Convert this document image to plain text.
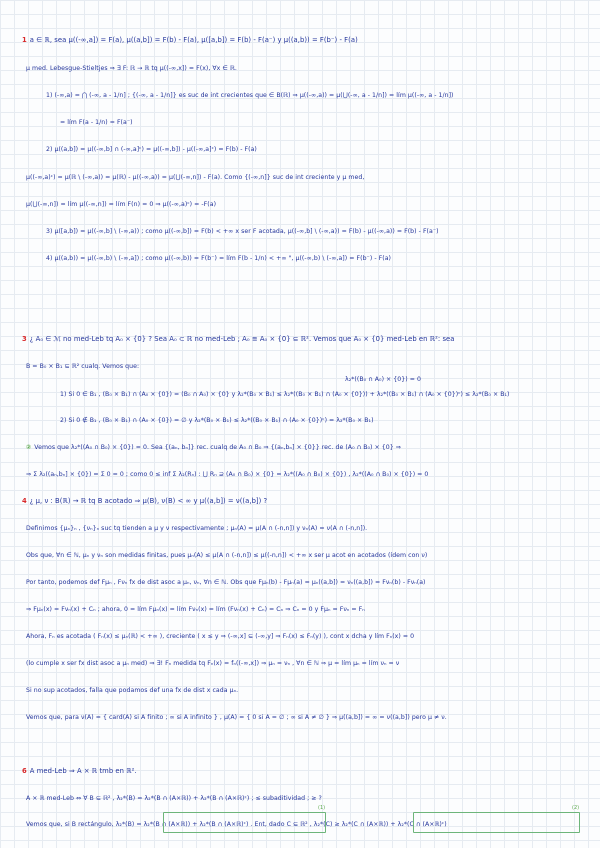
1 a ∈ ℝ, sea μ((-∞,a]) = F(a), μ((a,b]) = F(b) - F(a), μ([a,b]) = F(b) - F(a⁻) y μ((a,b)) = F(b⁻) - F(a)
μ med. Lebesgue-Stieltjes ⇒ ∃ F: ℝ → ℝ tq μ((-∞,x]) = F(x), ∀x ∈ ℝ.
1) (-∞,a) = ⋂ (-∞, a - 1/n] ; {(-∞, a - 1/n]} es suc de int crecientes que ∈ B(ℝ) ⇒ μ((-∞,a)) = μ(⋃(-∞, a - 1/n]) = lím μ((-∞, a - 1/n])
= lím F(a - 1/n) = F(a⁻)
2) μ((a,b]) = μ((-∞,b] ∩ (-∞,a]ᶜ) = μ((-∞,b]) - μ((-∞,a]ᶜ) = F(b) - F(a)
μ((-∞,a)ᶜ) = μ(ℝ \ (-∞,a)) = μ(ℝ) - μ((-∞,a)) = μ(⋃(-∞,n]) - F(a). Como {(-∞,n]} suc de int creciente y μ med,
μ(⋃(-∞,n]) = lím μ((-∞,n]) = lím F(n) = 0 ⇒ μ((-∞,a)ᶜ) = -F(a)
3) μ([a,b]) = μ((-∞,b] \ (-∞,a)) ; como μ((-∞,b]) = F(b) < +∞ x ser F acotada, μ((-∞,b] \ (-∞,a)) = F(b) - μ((-∞,a)) = F(b) - F(a⁻)
4) μ((a,b)) = μ((-∞,b) \ (-∞,a]) ; como μ((-∞,b)) = F(b⁻) = lím F(b - 1/n) < +∞ ", μ((-∞,b) \ (-∞,a]) = F(b⁻) - F(a)
3 ¿ A₀ ∈ ℳ no med-Leb tq A₀ × {0} ? Sea A₀ ⊂ ℝ no med-Leb ; A₀ ≅ A₀ × {0} ⊆ ℝ². Vemos que A₀ × {0} med-Leb en ℝ²: sea
B = B₀ × B₁ ⊆ ℝ² cualq. Vemos que:
λ₂*((B₀ ∩ A₀) × {0}) = 0
1) Si 0 ∈ B₁ , (B₀ × B₁) ∩ (A₀ × {0}) = (B₀ ∩ A₀) × {0} y λ₂*(B₀ × B₁) ≤ λ₂*((B₀ × B₁) ∩ (A₀ × {0})) + λ₂*((B₀ × B₁) ∩ (A₀ × {0})ᶜ) ≤ λ₂*(B₀ × B₁)
2) Si 0 ∉ B₁ , (B₀ × B₁) ∩ (A₀ × {0}) = ∅ y λ₂*(B₀ × B₁) ≤ λ₂*((B₀ × B₁) ∩ (A₀ × {0})ᶜ) = λ₂*(B₀ × B₁)
② Vemos que λ₂*((A₀ ∩ B₀) × {0}) = 0. Sea {(aₙ, bₙ]} rec. cualq de A₀ ∩ B₀ ⇒ {(aₙ,bₙ] × {0}} rec. de (A₀ ∩ B₀) × {0} ⇒
⇒ Σ λ₂((aₙ,bₙ] × {0}) = Σ 0 = 0 ; como 0 ≤ inf Σ λ₂(Rₙ) : ⋃ Rₙ ⊇ (A₀ ∩ B₀) × {0} = λ₂*((A₀ ∩ B₀) × {0}) , λ₂*((A₀ ∩ B₀) × {0}) = 0
4 ¿ μ, ν : B(ℝ) → ℝ tq B acotado ⇒ μ(B), ν(B) < ∞ y μ((a,b]) = ν((a,b]) ?
Definimos {μₙ}ₙ , {νₙ}ₙ suc tq tienden a μ y ν respectivamente ; μₙ(A) = μ(A ∩ (-n,n]) y νₙ(A) = ν(A ∩ (-n,n]).
Obs que, ∀n ∈ ℕ, μₙ y νₙ son medidas finitas, pues μₙ(A) ≤ μ(A ∩ (-n,n]) ≤ μ((-n,n]) < +∞ x ser μ acot en acotados (ídem con ν)
Por tanto, podemos def Fμₙ , Fνₙ fx de dist asoc a μₙ, νₙ, ∀n ∈ ℕ. Obs que Fμₙ(b) - Fμₙ(a) = μₙ((a,b]) = νₙ((a,b]) = Fνₙ(b) - Fνₙ(a)
⇒ Fμₙ(x) = Fνₙ(x) + Cₙ ; ahora, 0 = lím Fμₙ(x) = lím Fνₙ(x) = lím (Fνₙ(x) + Cₙ) = Cₙ ⇒ Cₙ = 0 y Fμₙ = Fνₙ = Fₙ
Ahora, Fₙ es acotada ( Fₙ(x) ≤ μₙ(ℝ) < +∞ ), creciente ( x ≤ y ⇒ (-∞,x] ⊆ (-∞,y] ⇒ Fₙ(x) ≤ Fₙ(y) ), cont x dcha y lím Fₙ(x) = 0
(lo cumple x ser fx dist asoc a μₙ med) ⇒ ∃! Fₙ medida tq Fₙ(x) = fₙ((-∞,x]) ⇒ μₙ = νₙ , ∀n ∈ ℕ ⇒ μ = lím μₙ = lím νₙ = ν
Si no sup acotados, falla que podamos def una fx de dist x cada μₙ.
Vemos que, para ν(A) = { card(A) si A finito ; ∞ si A infinito } , μ(A) = { 0 si A = ∅ ; ∞ si A ≠ ∅ } ⇒ μ((a,b]) = ∞ = ν((a,b]) pero μ ≠ ν.
6 A med-Leb ⇒ A × ℝ tmb en ℝ².
A × ℝ med-Leb ⇔ ∀ B ⊆ ℝ² , λ₂*(B) = λ₂*(B ∩ (A×ℝ)) + λ₂*(B ∩ (A×ℝ)ᶜ) ; ≤ subaditividad ; ≥ ?
Vemos que, si B rectángulo, λ₂*(B) = λ₂*(B ∩ (A×ℝ)) + λ₂*(B ∩ (A×ℝ)ᶜ) . Ent, dado C ⊆ ℝ² , λ₂*(C) ≥ λ₂*(C ∩ (A×ℝ)) + λ₂*(C ∩ (A×ℝ)ᶜ)
(1)	(2)
